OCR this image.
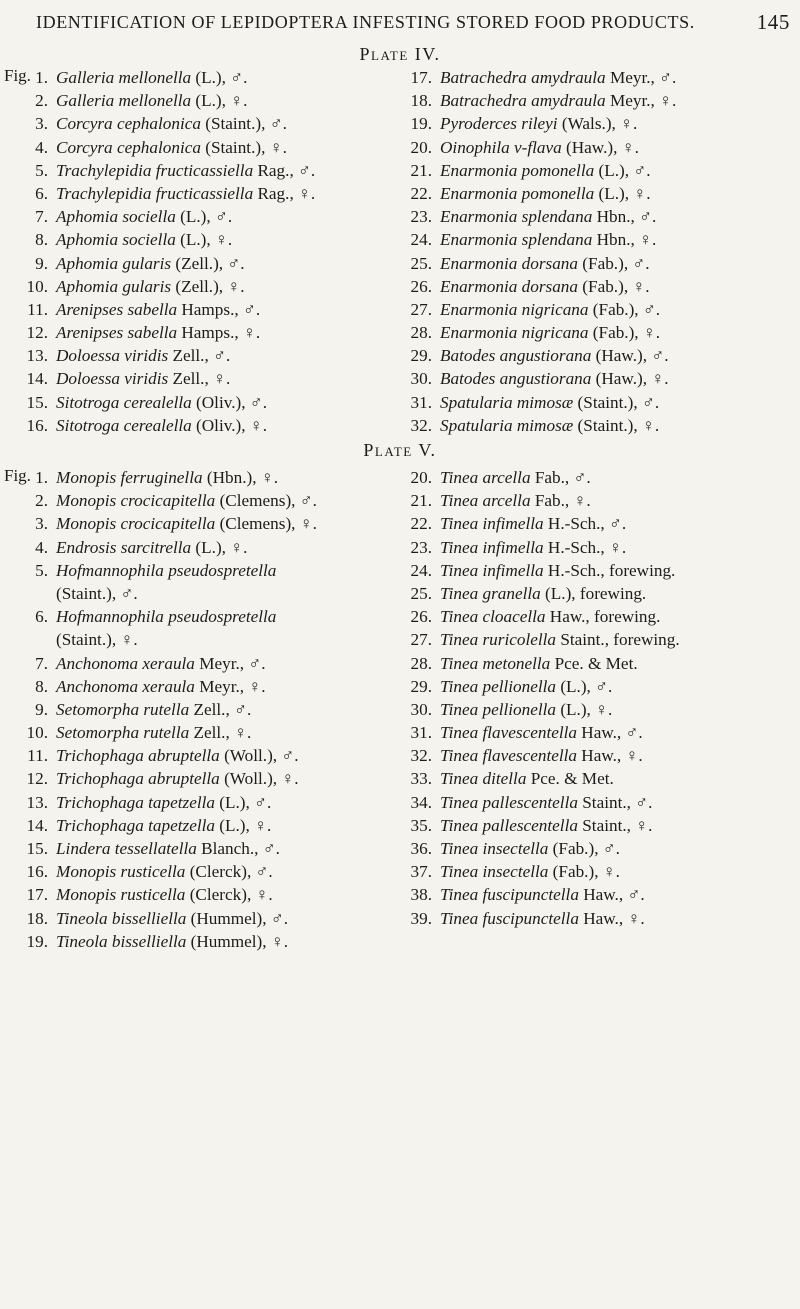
IDENTIFICATION OF LEPIDOPTERA INFESTING STORED FOOD PRODUCTS.	145
Plate IV.
Fig. 1. Galleria mellonella (L.), ♂.
2. Galleria mellonella (L.), ♀.
3. Corcyra cephalonica (Staint.), ♂.
4. Corcyra cephalonica (Staint.), ♀.
5. Trachylepidia fructicassiella Rag., ♂.
6. Trachylepidia fructicassiella Rag., ♀.
7. Aphomia sociella (L.), ♂.
8. Aphomia sociella (L.), ♀.
9. Aphomia gularis (Zell.), ♂.
10. Aphomia gularis (Zell.), ♀.
11. Arenipses sabella Hamps., ♂.
12. Arenipses sabella Hamps., ♀.
13. Doloessa viridis Zell., ♂.
14. Doloessa viridis Zell., ♀.
15. Sitotroga cerealella (Oliv.), ♂.
16. Sitotroga cerealella (Oliv.), ♀.
17. Batrachedra amydraula Meyr., ♂.
18. Batrachedra amydraula Meyr., ♀.
19. Pyroderces rileyi (Wals.), ♀.
20. Oinophila v-flava (Haw.), ♀.
21. Enarmonia pomonella (L.), ♂.
22. Enarmonia pomonella (L.), ♀.
23. Enarmonia splendana Hbn., ♂.
24. Enarmonia splendana Hbn., ♀.
25. Enarmonia dorsana (Fab.), ♂.
26. Enarmonia dorsana (Fab.), ♀.
27. Enarmonia nigricana (Fab.), ♂.
28. Enarmonia nigricana (Fab.), ♀.
29. Batodes angustiorana (Haw.), ♂.
30. Batodes angustiorana (Haw.), ♀.
31. Spatularia mimosæ (Staint.), ♂.
32. Spatularia mimosæ (Staint.), ♀.
Plate V.
Fig. 1. Monopis ferruginella (Hbn.), ♀.
2. Monopis crocicapitella (Clemens), ♂.
3. Monopis crocicapitella (Clemens), ♀.
4. Endrosis sarcitrella (L.), ♀.
5. Hofmannophila pseudospretella
(Staint.), ♂.
6. Hofmannophila pseudospretella
(Staint.), ♀.
7. Anchonoma xeraula Meyr., ♂.
8. Anchonoma xeraula Meyr., ♀.
9. Setomorpha rutella Zell., ♂.
10. Setomorpha rutella Zell., ♀.
11. Trichophaga abruptella (Woll.), ♂.
12. Trichophaga abruptella (Woll.), ♀.
13. Trichophaga tapetzella (L.), ♂.
14. Trichophaga tapetzella (L.), ♀.
15. Lindera tessellatella Blanch., ♂.
16. Monopis rusticella (Clerck), ♂.
17. Monopis rusticella (Clerck), ♀.
18. Tineola bisselliella (Hummel), ♂.
19. Tineola bisselliella (Hummel), ♀.
20. Tinea arcella Fab., ♂.
21. Tinea arcella Fab., ♀.
22. Tinea infimella H.-Sch., ♂.
23. Tinea infimella H.-Sch., ♀.
24. Tinea infimella H.-Sch., forewing.
25. Tinea granella (L.), forewing.
26. Tinea cloacella Haw., forewing.
27. Tinea ruricolella Staint., forewing.
28. Tinea metonella Pce. & Met.
29. Tinea pellionella (L.), ♂.
30. Tinea pellionella (L.), ♀.
31. Tinea flavescentella Haw., ♂.
32. Tinea flavescentella Haw., ♀.
33. Tinea ditella Pce. & Met.
34. Tinea pallescentella Staint., ♂.
35. Tinea pallescentella Staint., ♀.
36. Tinea insectella (Fab.), ♂.
37. Tinea insectella (Fab.), ♀.
38. Tinea fuscipunctella Haw., ♂.
39. Tinea fuscipunctella Haw., ♀.
